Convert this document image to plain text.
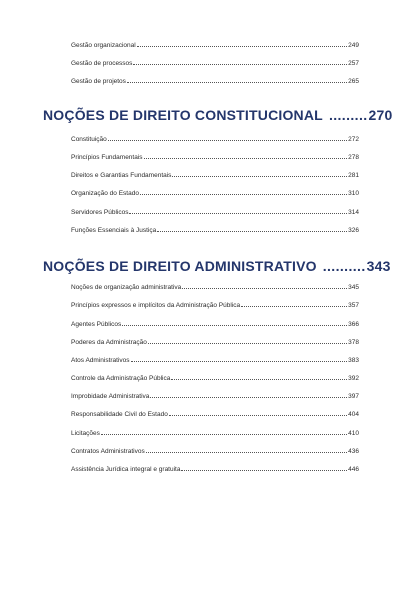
Gestão organizacional	249
Gestão de processos	257
Gestão de projetos	265
NOÇÕES DE DIREITO CONSTITUCIONAL ......... 270
Constituição	272
Princípios Fundamentais	278
Direitos e Garantias Fundamentais	281
Organização do Estado	310
Servidores Públicos	314
Funções Essenciais à Justiça	326
NOÇÕES DE DIREITO ADMINISTRATIVO .......... 343
Noções de organização administrativa	345
Princípios expressos e implícitos da Administração Pública	357
Agentes Públicos	366
Poderes da Administração	378
Atos Administrativos	383
Controle da Administração Pública	392
Improbidade Administrativa	397
Responsabilidade Civil do Estado	404
Licitações	410
Contratos Administrativos	436
Assistência Jurídica integral e gratuita	446
